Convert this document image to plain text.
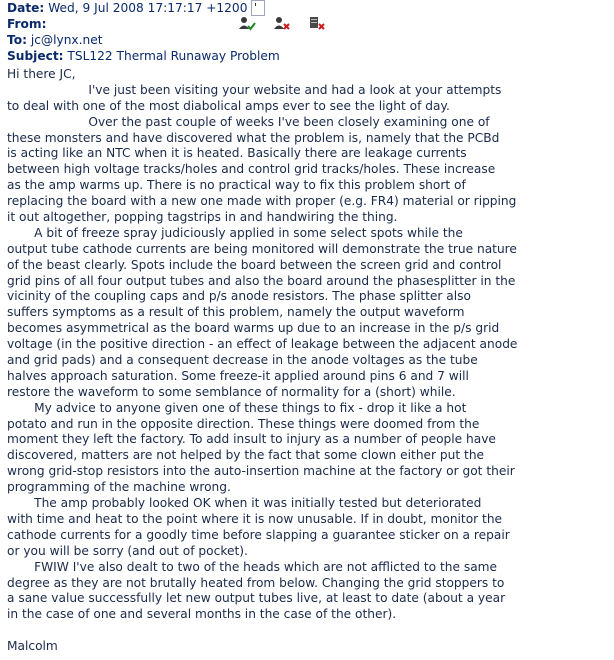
Date: Wed, 9 Jul 2008 17:17:17 +1200
From:
To: jc@lynx.net
Subject: TSL122 Thermal Runaway Problem
Hi there JC,
I've just been visiting your website and had a look at your attempts
to deal with one of the most diabolical amps ever to see the light of day.
Over the past couple of weeks I've been closely examining one of
these monsters and have discovered what the problem is, namely that the PCBd
is acting like an NTC when it is heated. Basically there are leakage currents
between high voltage tracks/holes and control grid tracks/holes. These increase
as the amp warms up. There is no practical way to fix this problem short of
replacing the board with a new one made with proper (e.g. FR4) material or ripping
it out altogether, popping tagstrips in and handwiring the thing.
A bit of freeze spray judiciously applied in some select spots while the
output tube cathode currents are being monitored will demonstrate the true nature
of the beast clearly. Spots include the board between the screen grid and control
grid pins of all four output tubes and also the board around the phasesplitter in the
vicinity of the coupling caps and p/s anode resistors. The phase splitter also
suffers symptoms as a result of this problem, namely the output waveform
becomes asymmetrical as the board warms up due to an increase in the p/s grid
voltage (in the positive direction - an effect of leakage between the adjacent anode
and grid pads) and a consequent decrease in the anode voltages as the tube
halves approach saturation. Some freeze-it applied around pins 6 and 7 will
restore the waveform to some semblance of normality for a (short) while.
My advice to anyone given one of these things to fix - drop it like a hot
potato and run in the opposite direction. These things were doomed from the
moment they left the factory. To add insult to injury as a number of people have
discovered, matters are not helped by the fact that some clown either put the
wrong grid-stop resistors into the auto-insertion machine at the factory or got their
programming of the machine wrong.
The amp probably looked OK when it was initially tested but deteriorated
with time and heat to the point where it is now unusable. If in doubt, monitor the
cathode currents for a goodly time before slapping a guarantee sticker on a repair
or you will be sorry (and out of pocket).
FWIW I've also dealt to two of the heads which are not afflicted to the same
degree as they are not brutally heated from below. Changing the grid stoppers to
a sane value successfully let new output tubes live, at least to date (about a year
in the case of one and several months in the case of the other).
Malcolm
